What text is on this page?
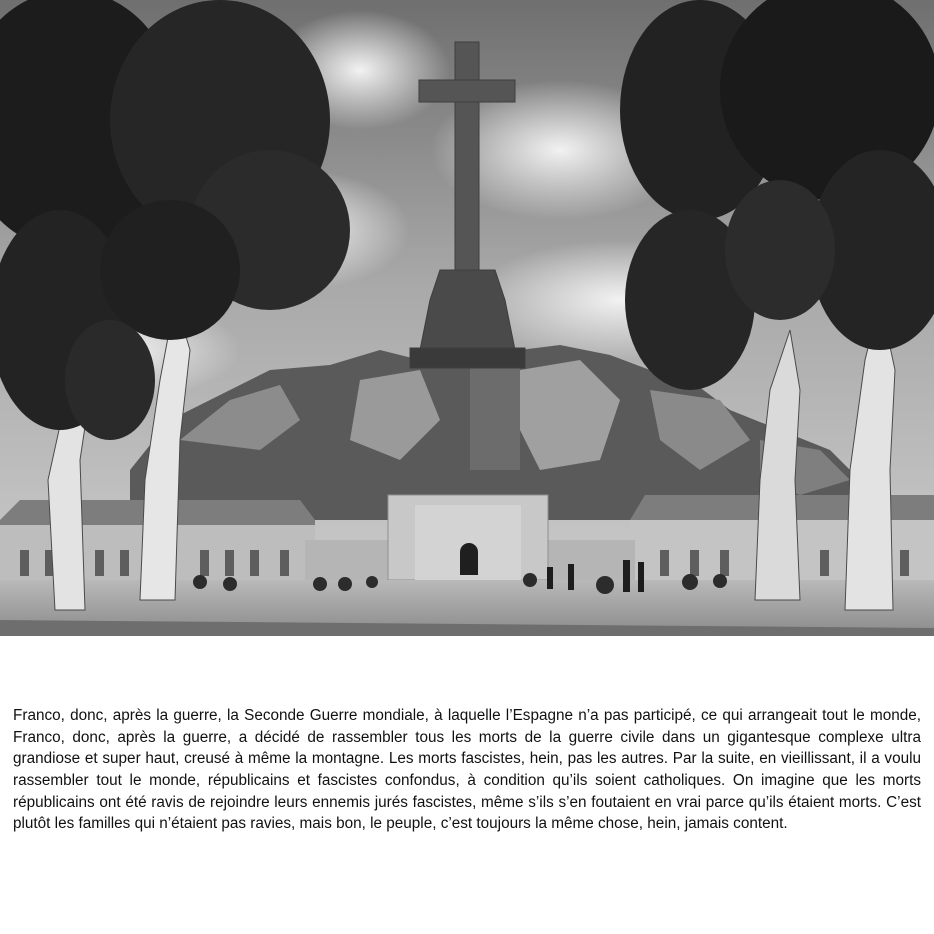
Franco, donc, après la guerre, la Seconde Guerre mondiale, à laquelle l’Espagne n’a pas participé, ce qui arrangeait tout le monde, Franco, donc, après la guerre, a décidé de rassembler tous les morts de la guerre civile dans un gigantesque complexe ultra grandiose et super haut, creusé à même la montagne. Les morts fascistes, hein, pas les autres. Par la suite, en vieillissant, il a voulu rassembler tout le monde, républicains et fascistes confondus, à condition qu’ils soient catholiques. On imagine que les morts républicains ont été ravis de rejoindre leurs ennemis jurés fascistes, même s’ils s’en foutaient en vrai parce qu’ils étaient morts. C’est plutôt les familles qui n’étaient pas ravies, mais bon, le peuple, c’est toujours la même chose, hein, jamais content.
